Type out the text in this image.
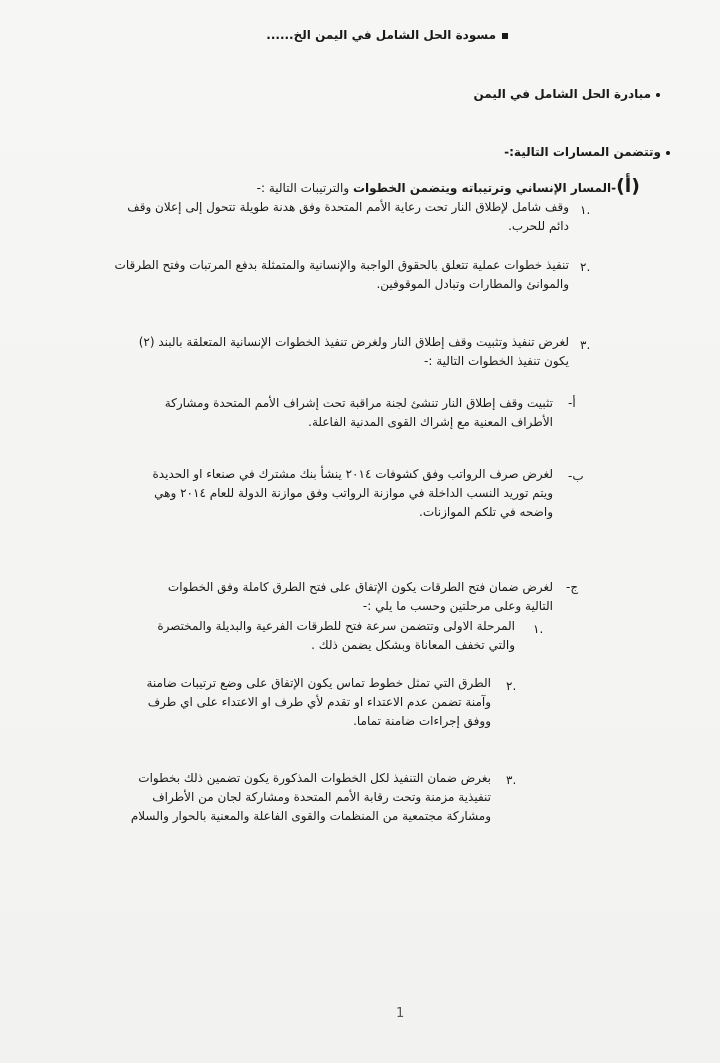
مسودة الحل الشامل في اليمن الخ......
مبادرة الحل الشامل في اليمن
وتتضمن المسارات التالية:-
(أ)-المسار الإنساني وترتيباته ويتضمن الخطوات والترتيبات التالية :-
١.
وقف شامل لإطلاق النار تحت رعاية الأمم المتحدة وفق هدنة طويلة تتحول إلى إعلان وقف
دائم للحرب.
٢.
تنفيذ خطوات عملية تتعلق بالحقوق الواجبة والإنسانية والمتمثلة بدفع المرتبات وفتح الطرقات
والموانئ والمطارات وتبادل الموقوفين.
٣.
لغرض تنفيذ وتثبيت وقف إطلاق النار ولغرض تنفيذ الخطوات الإنسانية المتعلقة بالبند (٢)
يكون تنفيذ الخطوات التالية :-
أ-
تثبيت وقف إطلاق النار تنشئ لجنة مراقبة تحت إشراف الأمم المتحدة ومشاركة
الأطراف المعنية مع إشراك القوى المدنية الفاعلة.
ب-
لغرض صرف الرواتب وفق كشوفات ٢٠١٤ ينشأ بنك مشترك في صنعاء او الحديدة
ويتم توريد النسب الداخلة في موازنة الرواتب وفق موازنة الدولة للعام ٢٠١٤ وهي
واضحه في تلكم الموازنات.
ج-
لغرض ضمان فتح الطرقات يكون الإتفاق على فتح الطرق كاملة وفق الخطوات
التالية وعلى مرحلتين وحسب ما يلي :-
١.
المرحلة الاولى وتتضمن سرعة فتح للطرقات الفرعية والبديلة والمختصرة
والتي تخفف المعاناة وبشكل يضمن ذلك .
٢.
الطرق التي تمثل خطوط تماس يكون الإتفاق على وضع ترتيبات ضامنة
وآمنة تضمن عدم الاعتداء او تقدم لأي طرف او الاعتداء على اي طرف
ووفق إجراءات ضامنة تماما.
٣.
بغرض ضمان التنفيذ لكل الخطوات المذكورة يكون تضمين ذلك بخطوات
تنفيذية مزمنة وتحت رقابة الأمم المتحدة ومشاركة لجان من الأطراف
ومشاركة مجتمعية من المنظمات والقوى الفاعلة والمعنية بالحوار والسلام
1
